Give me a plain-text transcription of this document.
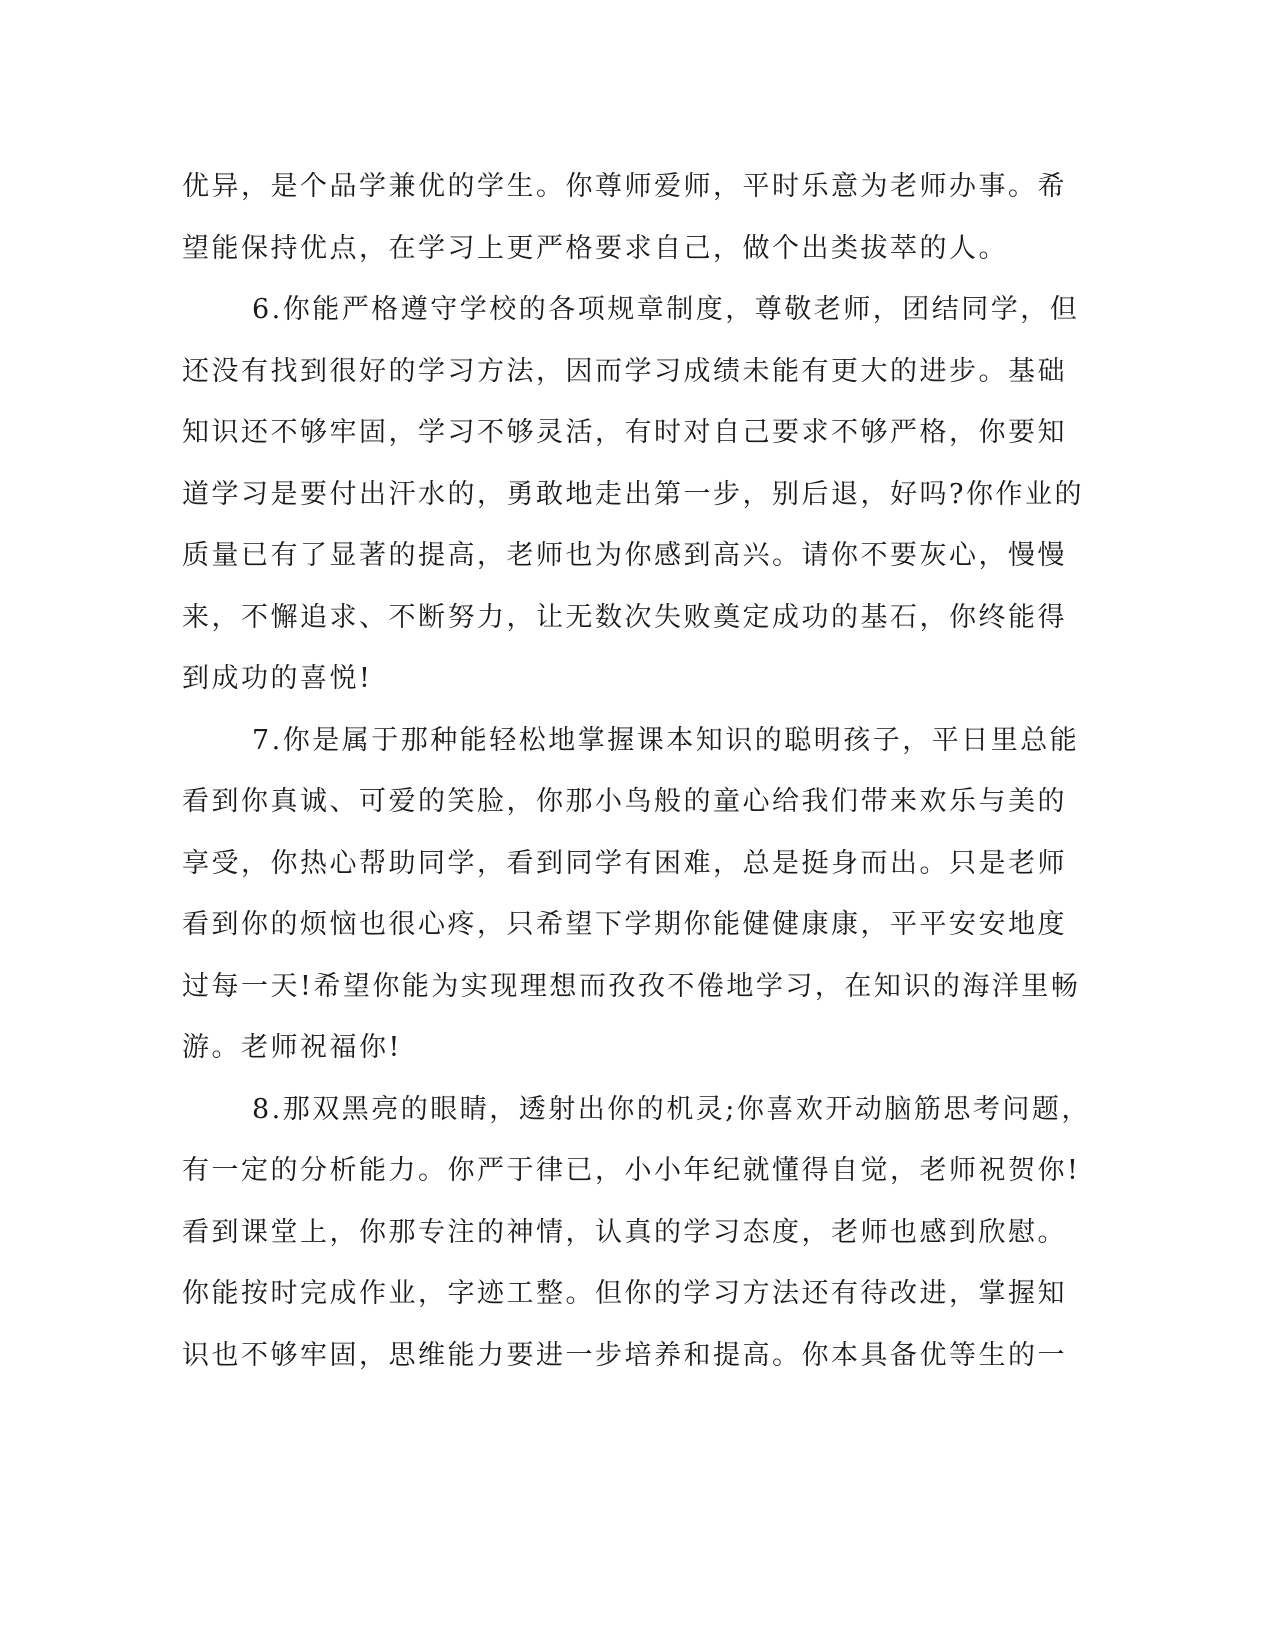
优异，是个品学兼优的学生。你尊师爱师，平时乐意为老师办事。希
望能保持优点，在学习上更严格要求自己，做个出类拔萃的人。
6.你能严格遵守学校的各项规章制度，尊敬老师，团结同学，但
还没有找到很好的学习方法，因而学习成绩未能有更大的进步。基础
知识还不够牢固，学习不够灵活，有时对自己要求不够严格，你要知
道学习是要付出汗水的，勇敢地走出第一步，别后退，好吗?你作业的
质量已有了显著的提高，老师也为你感到高兴。请你不要灰心，慢慢
来，不懈追求、不断努力，让无数次失败奠定成功的基石，你终能得
到成功的喜悦!
7.你是属于那种能轻松地掌握课本知识的聪明孩子，平日里总能
看到你真诚、可爱的笑脸，你那小鸟般的童心给我们带来欢乐与美的
享受，你热心帮助同学，看到同学有困难，总是挺身而出。只是老师
看到你的烦恼也很心疼，只希望下学期你能健健康康，平平安安地度
过每一天!希望你能为实现理想而孜孜不倦地学习，在知识的海洋里畅
游。老师祝福你!
8.那双黑亮的眼睛，透射出你的机灵;你喜欢开动脑筋思考问题，
有一定的分析能力。你严于律已，小小年纪就懂得自觉，老师祝贺你!
看到课堂上，你那专注的神情，认真的学习态度，老师也感到欣慰。
你能按时完成作业，字迹工整。但你的学习方法还有待改进，掌握知
识也不够牢固，思维能力要进一步培养和提高。你本具备优等生的一
